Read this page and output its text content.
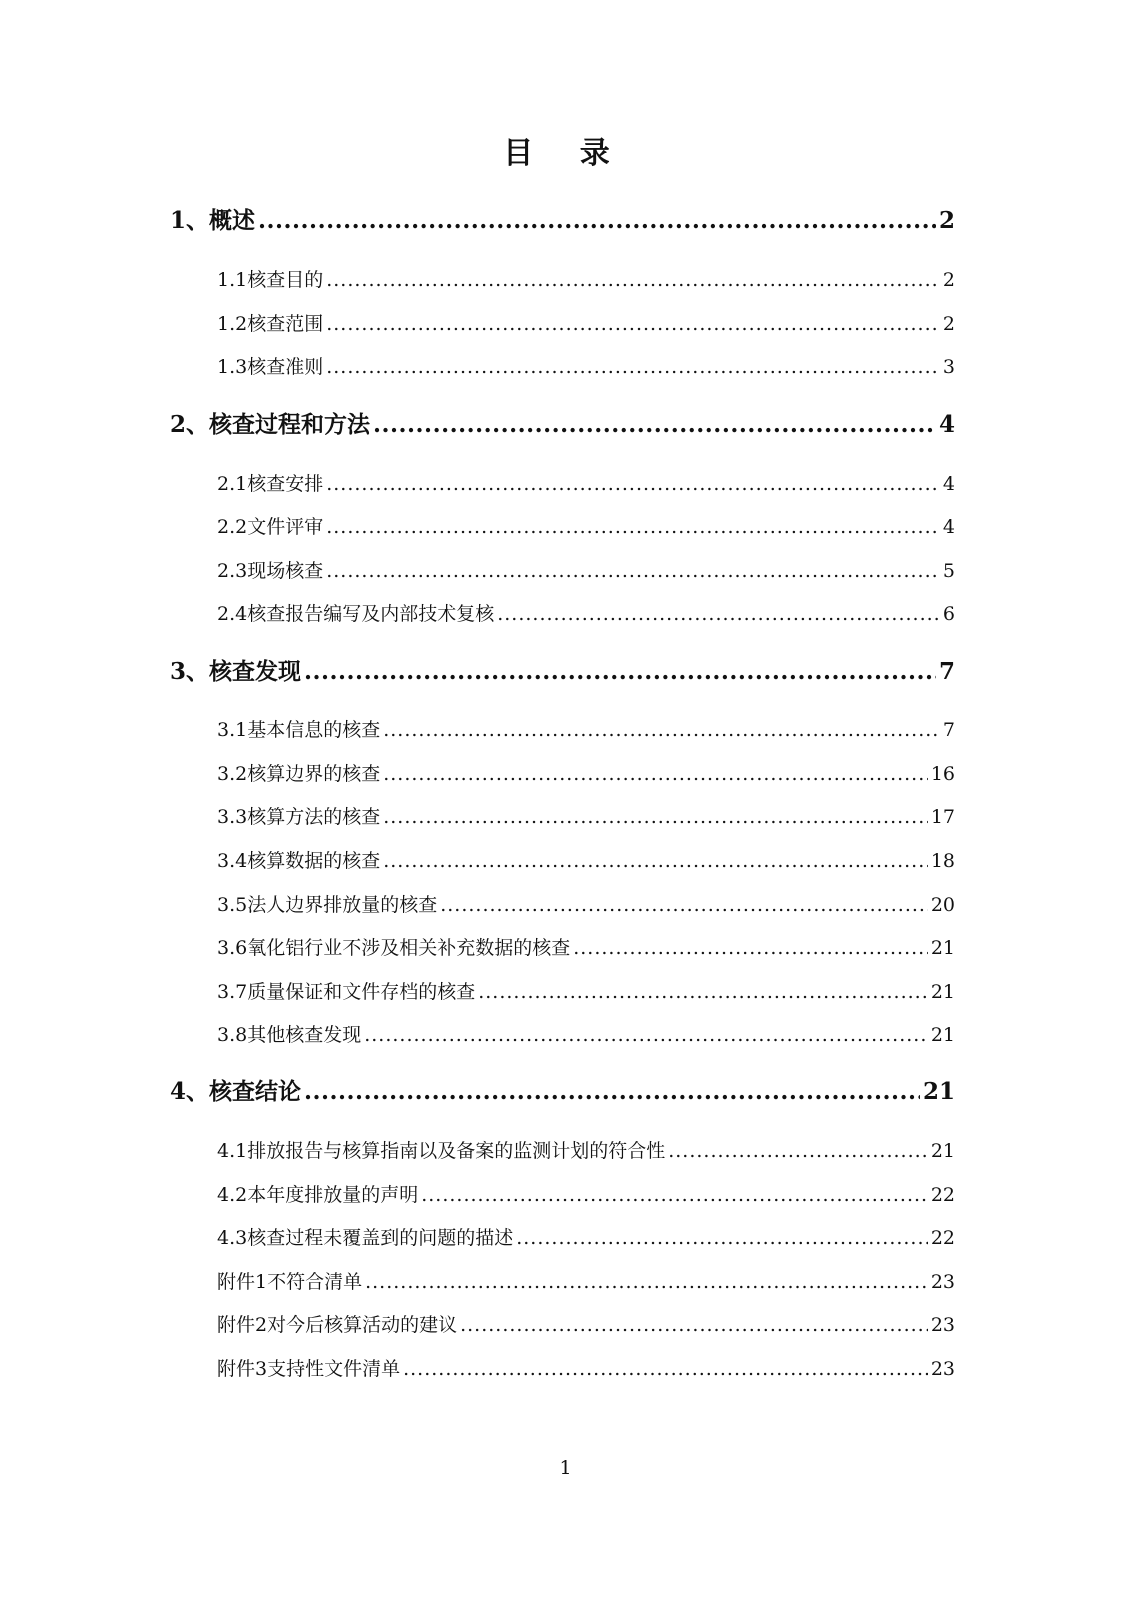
目 录
1、概述 .....	2
1.1核查目的 .....	2
1.2核查范围 .....	2
1.3核查准则 .....	3
2、核查过程和方法 .....	4
2.1核查安排 .....	4
2.2文件评审 .....	4
2.3现场核查 .....	5
2.4核查报告编写及内部技术复核 .....	6
3、核查发现 .....	7
3.1基本信息的核查 .....	7
3.2核算边界的核查 .....	16
3.3核算方法的核查 .....	17
3.4核算数据的核查 .....	18
3.5法人边界排放量的核查 .....	20
3.6氧化铝行业不涉及相关补充数据的核查 .....	21
3.7质量保证和文件存档的核查 .....	21
3.8其他核查发现 .....	21
4、核查结论 .....	21
4.1排放报告与核算指南以及备案的监测计划的符合性 .....	21
4.2本年度排放量的声明 .....	22
4.3核查过程未覆盖到的问题的描述 .....	22
附件1不符合清单 .....	23
附件2对今后核算活动的建议 .....	23
附件3支持性文件清单 .....	23
1
